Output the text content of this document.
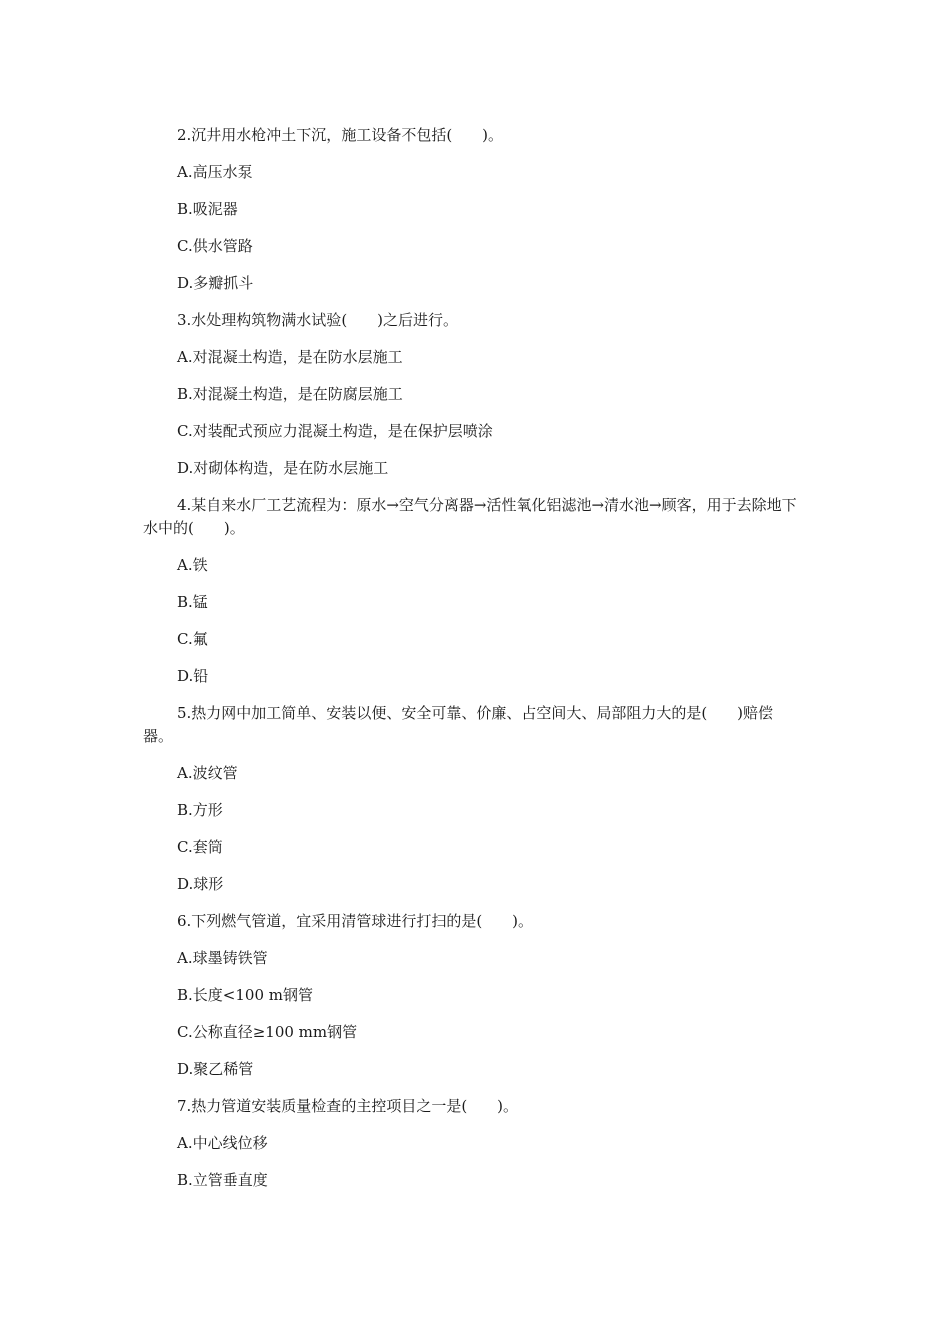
2.沉井用水枪冲土下沉，施工设备不包括(　　)。

A.高压水泵

B.吸泥器

C.供水管路

D.多瓣抓斗

3.水处理构筑物满水试验(　　)之后进行。

A.对混凝土构造，是在防水层施工

B.对混凝土构造，是在防腐层施工

C.对装配式预应力混凝土构造，是在保护层喷涂

D.对砌体构造，是在防水层施工

4.某自来水厂工艺流程为：原水→空气分离器→活性氧化铝滤池→清水池→顾客，用于去除地下水中的(　　)。

A.铁

B.锰

C.氟

D.铅

5.热力网中加工简单、安装以便、安全可靠、价廉、占空间大、局部阻力大的是(　　)赔偿器。

A.波纹管

B.方形

C.套筒

D.球形

6.下列燃气管道，宜采用清管球进行打扫的是(　　)。

A.球墨铸铁管

B.长度<100 m钢管

C.公称直径≥100 mm钢管

D.聚乙稀管

7.热力管道安装质量检查的主控项目之一是(　　)。

A.中心线位移

B.立管垂直度
